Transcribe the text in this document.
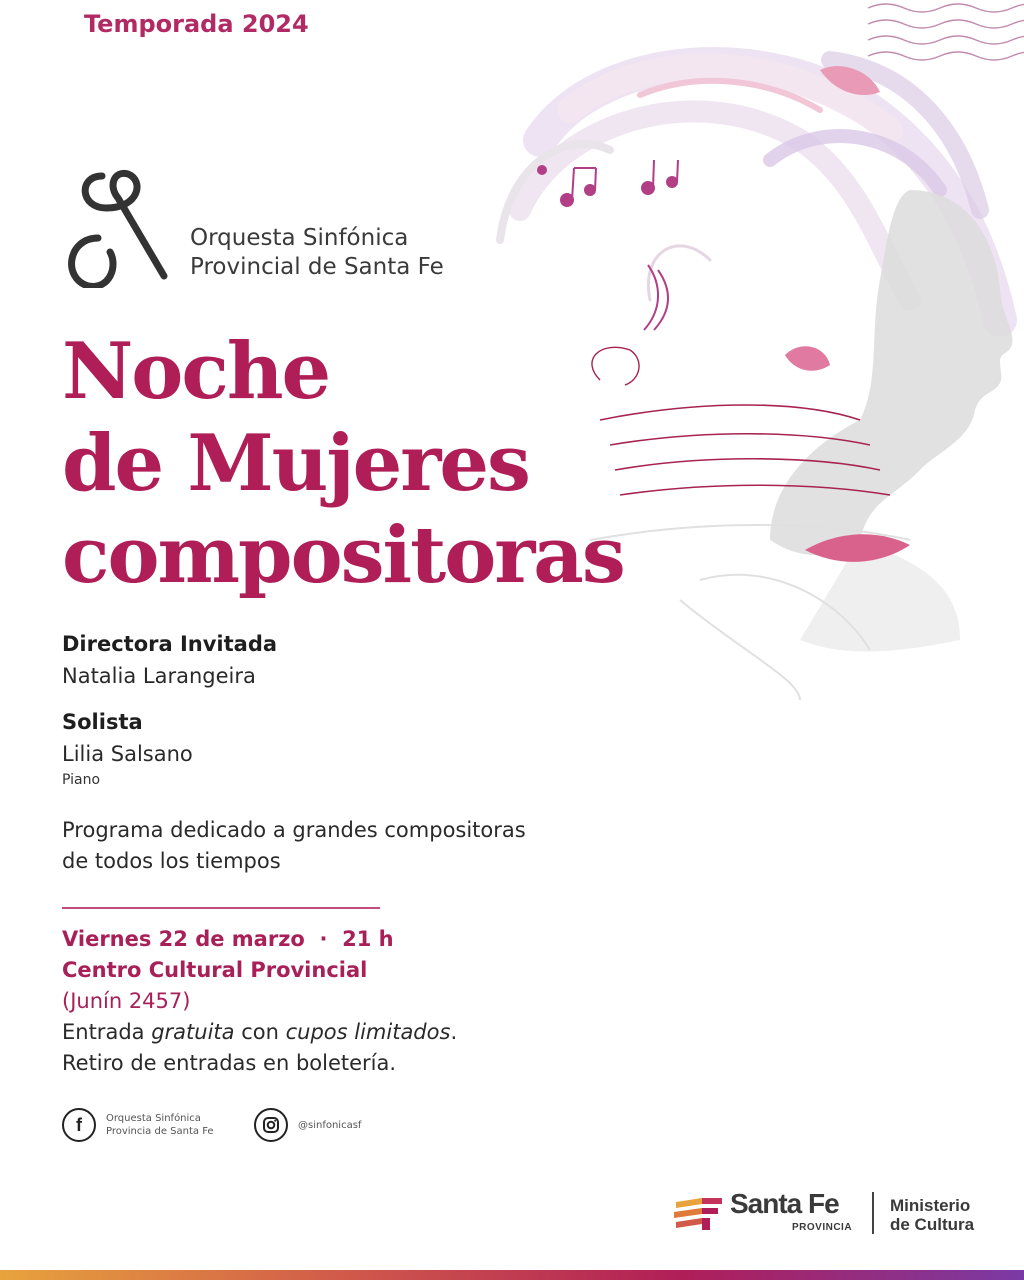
Temporada 2024
Orquesta Sinfónica
Provincial de Santa Fe
Noche
de Mujeres
compositoras
Directora Invitada
Natalia Larangeira
Solista
Lilia Salsano
Piano
Programa dedicado a grandes compositoras
de todos los tiempos
Viernes 22 de marzo · 21 h
Centro Cultural Provincial
(Junín 2457)
Entrada gratuita con cupos limitados.
Retiro de entradas en boletería.
f Orquesta Sinfónica
Provincia de Santa Fe
@sinfonicasf
Santa Fe
PROVINCIA
Ministerio
de Cultura
